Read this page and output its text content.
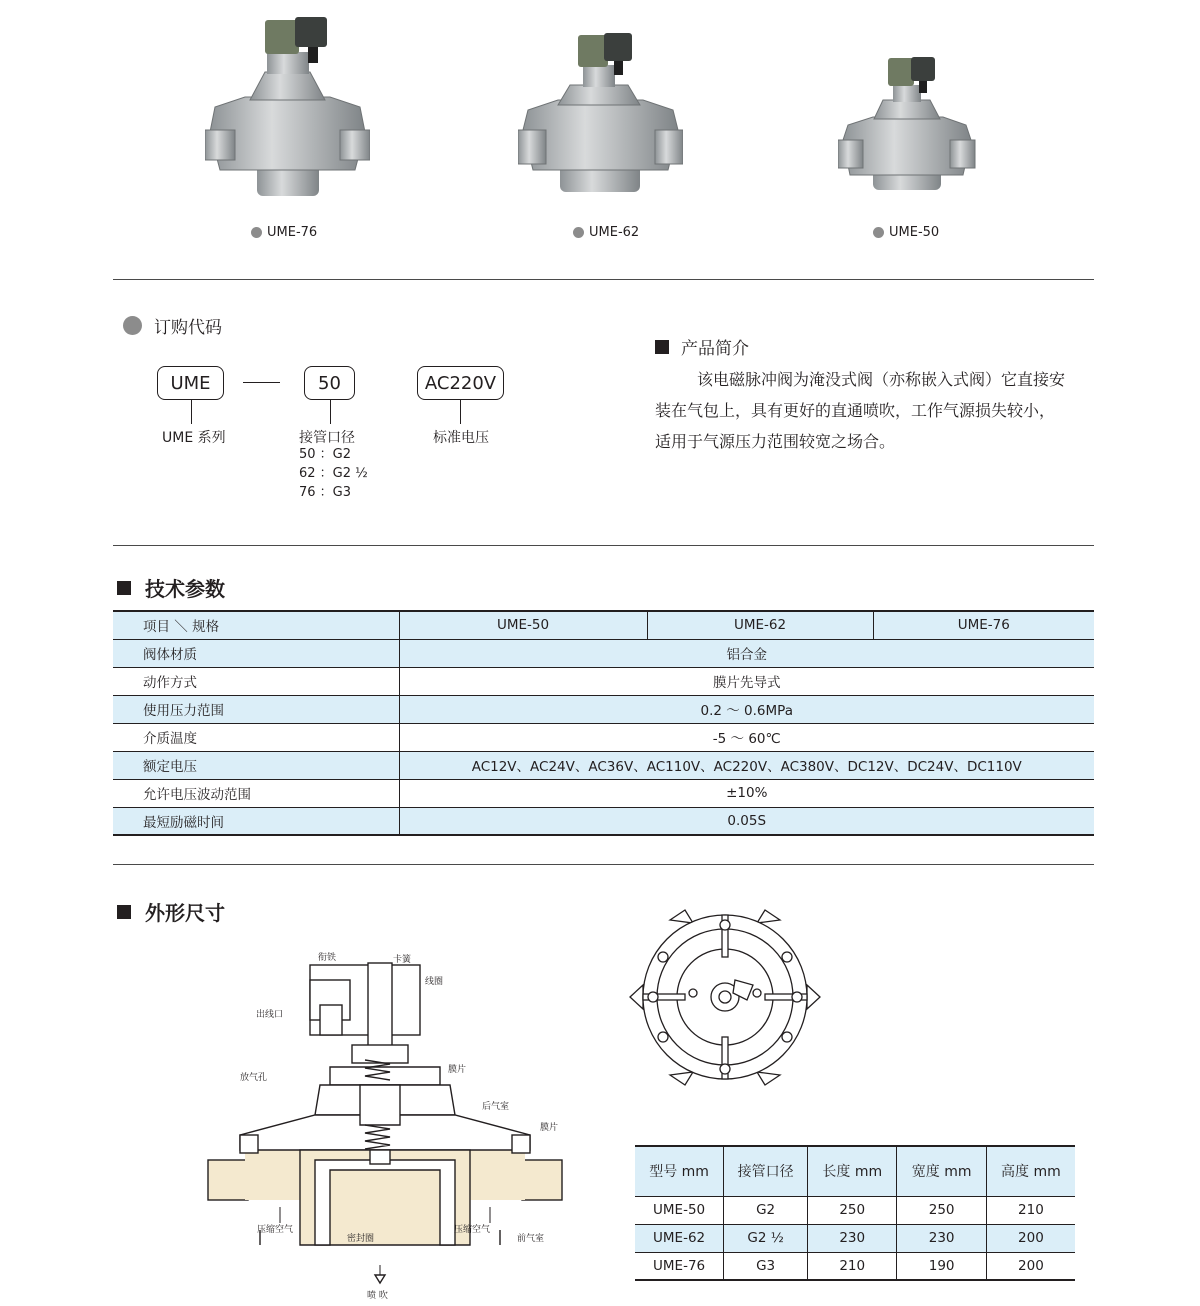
UME-76	UME-62	UME-50
订购代码
UME	50	AC220V
UME 系列	接管口径
50 ：G2
62 ：G2 ½
76 ：G3
标准电压
产品简介

该电磁脉冲阀为淹没式阀（亦称嵌入式阀）它直接安装在气包上，具有更好的直通喷吹，工作气源损失较小，适用于气源压力范围较宽之场合。

技术参数
项目 ＼ 规格	UME-50	UME-62	UME-76
阀体材质	铝合金		
动作方式	膜片先导式		
使用压力范围	0.2 ～ 0.6MPa		
介质温度	-5 ～ 60℃		
额定电压	AC12V、AC24V、AC36V、AC110V、AC220V、AC380V、DC12V、DC24V、DC110V		
允许电压波动范围	±10%		
最短励磁时间	0.05S		
外形尺寸
衔铁	卡簧
线圈
出线口
放气孔
膜片
后气室
膜片
压缩空气
密封圈
压缩空气
前气室
喷 吹
型号 mm	接管口径	长度 mm	宽度 mm	高度 mm
UME-50	G2	250	250	210
UME-62	G2 ½	230	230	200
UME-76	G3	210	190	200
